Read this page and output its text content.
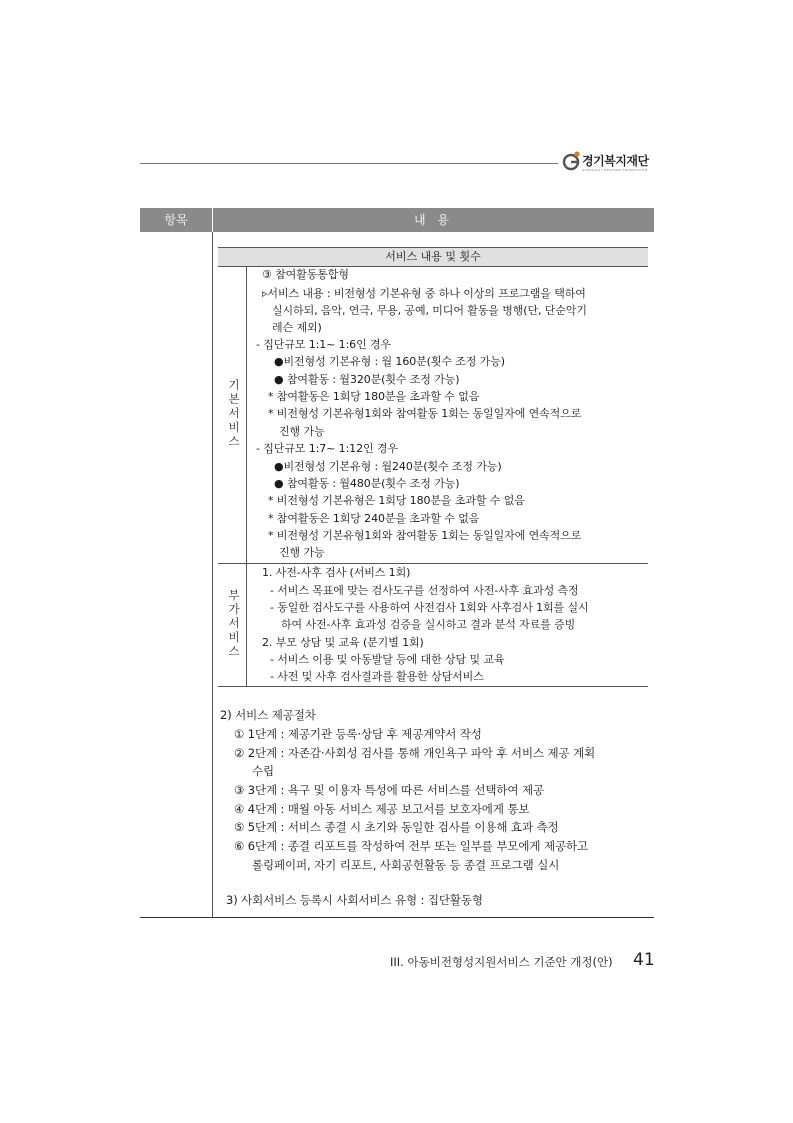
경기복지재단
GYEONGGI WELFARE FOUNDATION
항목	내 용
서비스 내용 및 횟수
기
본
서
비
스
부
가
서
비
스
③ 참여활동통합형
▹서비스 내용 : 비전형성 기본유형 중 하나 이상의 프로그램을 택하여
실시하되, 음악, 연극, 무용, 공예, 미디어 활동을 병행(단, 단순악기
레슨 제외)
- 집단규모 1:1~ 1:6인 경우
●비전형성 기본유형 : 월 160분(횟수 조정 가능)
● 참여활동 : 월320분(횟수 조정 가능)
* 참여활동은 1회당 180분을 초과할 수 없음
* 비전형성 기본유형1회와 참여활동 1회는 동일일자에 연속적으로
진행 가능
- 집단규모 1:7~ 1:12인 경우
●비전형성 기본유형 : 월240분(횟수 조정 가능)
● 참여활동 : 월480분(횟수 조정 가능)
* 비전형성 기본유형은 1회당 180분을 초과할 수 없음
* 참여활동은 1회당 240분을 초과할 수 없음
* 비전형성 기본유형1회와 참여활동 1회는 동일일자에 연속적으로
진행 가능
1. 사전-사후 검사 (서비스 1회)
- 서비스 목표에 맞는 검사도구를 선정하여 사전-사후 효과성 측정
- 동일한 검사도구를 사용하여 사전검사 1회와 사후검사 1회를 실시
하여 사전-사후 효과성 검증을 실시하고 결과 분석 자료를 증빙
2. 부모 상담 및 교육 (분기별 1회)
- 서비스 이용 및 아동발달 등에 대한 상담 및 교육
- 사전 및 사후 검사결과를 활용한 상담서비스
2) 서비스 제공절차
① 1단계 : 제공기관 등록·상담 후 제공계약서 작성
② 2단계 : 자존감·사회성 검사를 통해 개인욕구 파악 후 서비스 제공 계획
수립
③ 3단계 : 욕구 및 이용자 특성에 따른 서비스를 선택하여 제공
④ 4단계 : 매월 아동 서비스 제공 보고서를 보호자에게 통보
⑤ 5단계 : 서비스 종결 시 초기와 동일한 검사를 이용해 효과 측정
⑥ 6단계 : 종결 리포트를 작성하여 전부 또는 일부를 부모에게 제공하고
롤링페이퍼, 자기 리포트, 사회공헌활동 등 종결 프로그램 실시
3) 사회서비스 등록시 사회서비스 유형 : 집단활동형
III. 아동비전형성지원서비스 기준안 개정(안) 41
